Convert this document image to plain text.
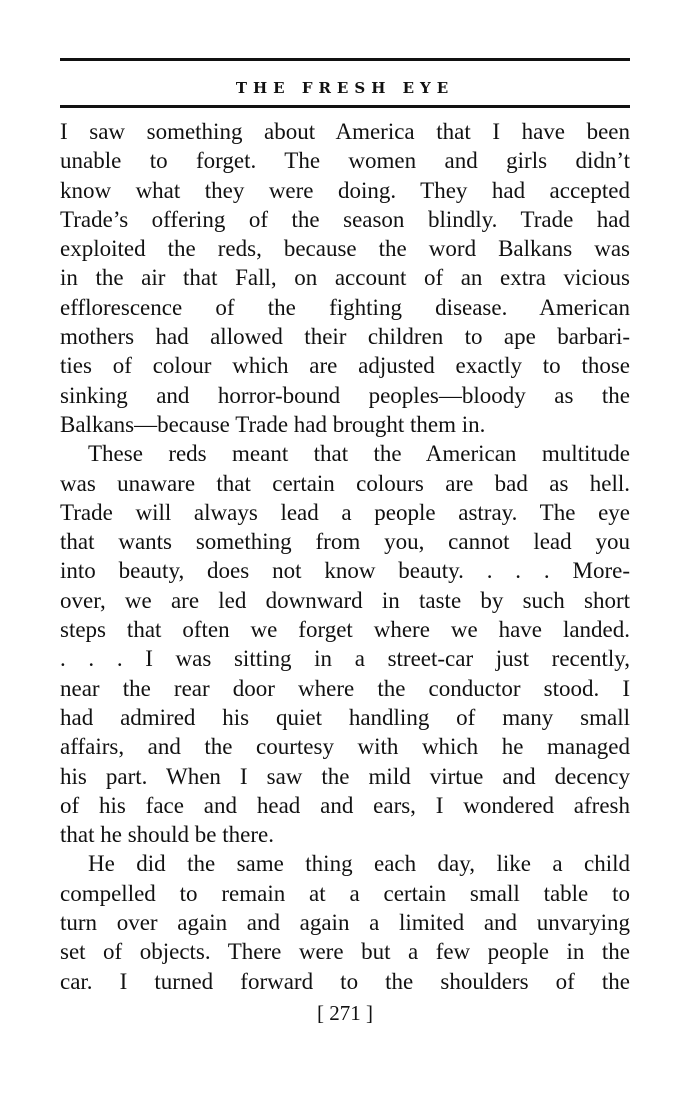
THE FRESH EYE
I saw something about America that I have been
unable to forget. The women and girls didn’t
know what they were doing. They had accepted
Trade’s offering of the season blindly. Trade had
exploited the reds, because the word Balkans was
in the air that Fall, on account of an extra vicious
efflorescence of the fighting disease. American
mothers had allowed their children to ape barbari-
ties of colour which are adjusted exactly to those
sinking and horror-bound peoples—bloody as the
Balkans—because Trade had brought them in.
These reds meant that the American multitude
was unaware that certain colours are bad as hell.
Trade will always lead a people astray. The eye
that wants something from you, cannot lead you
into beauty, does not know beauty. . . . More-
over, we are led downward in taste by such short
steps that often we forget where we have landed.
. . . I was sitting in a street-car just recently,
near the rear door where the conductor stood. I
had admired his quiet handling of many small
affairs, and the courtesy with which he managed
his part. When I saw the mild virtue and decency
of his face and head and ears, I wondered afresh
that he should be there.
He did the same thing each day, like a child
compelled to remain at a certain small table to
turn over again and again a limited and unvarying
set of objects. There were but a few people in the
car. I turned forward to the shoulders of the
[ 271 ]
